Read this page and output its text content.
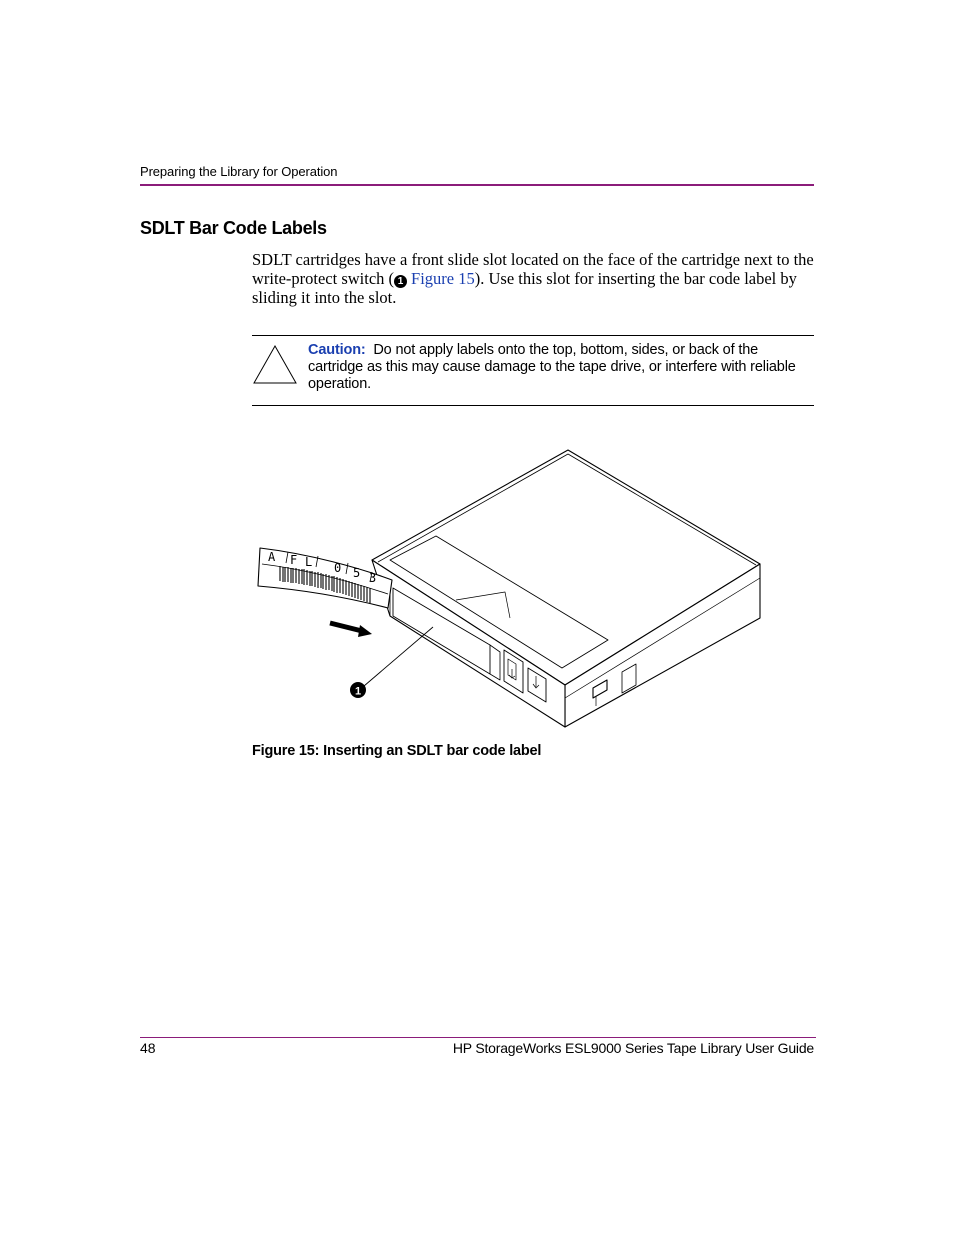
Preparing the Library for Operation
SDLT Bar Code Labels
SDLT cartridges have a front slide slot located on the face of the cartridge next to the write-protect switch ( 1 Figure 15). Use this slot for inserting the bar code label by sliding it into the slot.
Caution: Do not apply labels onto the top, bottom, sides, or back of the cartridge as this may cause damage to the tape drive, or interfere with reliable operation.
A F L 0 5 3
1
Figure 15: Inserting an SDLT bar code label
48	HP StorageWorks ESL9000 Series Tape Library User Guide
